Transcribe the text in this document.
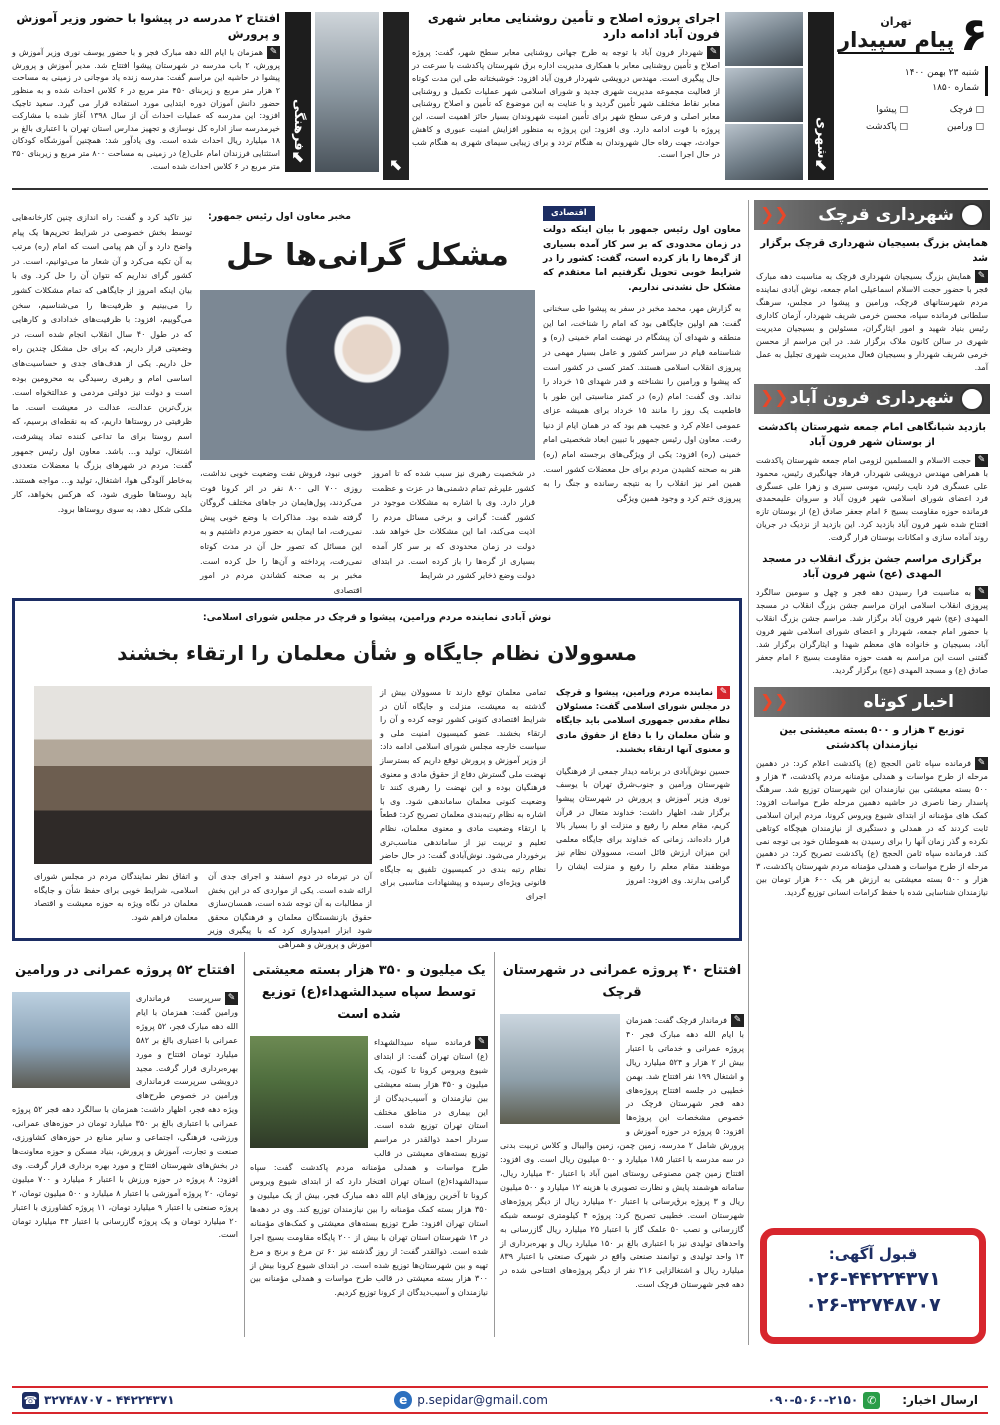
۶
تهران
پیام سپیدار
شنبه ۲۳ بهمن ۱۴۰۰
شماره ۱۸۵۰
□ فرچک
□ پیشوا
□ ورامین
□ پاکدشت
⬋
شهری
اجرای پروژه اصلاح و تأمین روشنایی معابر شهری فرون آباد ادامه دارد
✎شهردار فرون آباد با توجه به طرح جهانی روشنایی معابر سطح شهر، گفت: پروژه اصلاح و تأمین روشنایی معابر با همکاری مدیریت اداره برق شهرستان پاکدشت با سرعت در حال پیگیری است. مهندس درویشی شهردار فرون آباد افزود: خوشبختانه طی این مدت کوتاه از فعالیت مجموعه مدیریت شهری جدید و شورای اسلامی شهر عملیات تکمیل و روشنایی معابر نقاط مختلف شهر تأمین گردید و با عنایت به این موضوع که تأمین و اصلاح روشنایی معابر اصلی و فرعی سطح شهر برای تأمین امنیت شهروندان بسیار حائز اهمیت است، این پروژه با قوت ادامه دارد. وی افزود: این پروژه به منظور افزایش امنیت عبوری و کاهش حوادث، جهت رفاه حال شهروندان به هنگام تردد و برای زیبایی سیمای شهری به هنگام شب در حال اجرا است.
⬋
⬋
فرهنگی
افتتاح ۲ مدرسه در پیشوا با حضور وزیر آموزش و پرورش
✎همزمان با ایام الله دهه مبارک فجر و با حضور یوسف نوری وزیر آموزش و پرورش، ۲ باب مدرسه در شهرستان پیشوا افتتاح شد. مدیر آموزش و پرورش پیشوا در حاشیه این مراسم گفت: مدرسه زنده یاد موجانی در زمینی به مساحت ۲ هزار متر مربع و زیربنای ۴۵۰ متر مربع در ۶ کلاس احداث شده و به منظور حضور دانش آموزان دوره ابتدایی مورد استفاده قرار می گیرد. سعید تاجیک افزود: این مدرسه که عملیات احداث آن از سال ۱۳۹۸ آغاز شده با مشارکت خیرمدرسه ساز اداره کل نوسازی و تجهیز مدارس استان تهران با اعتباری بالغ بر ۱۸ میلیارد ریال احداث شده است. وی یادآور شد: همچنین آموزشگاه کودکان استثنایی فرزندان امام علی(ع) در زمینی به مساحت ۸۰۰ متر مربع و زیربنای ۳۵۰ متر مربع در ۶ کلاس احداث شده است.
شهرداری قرچک
❮❮
همایش بزرگ بسیجیان شهرداری قرچک برگزار شد
✎همایش بزرگ بسیجیان شهرداری قرچک به مناسبت دهه مبارک فجر با حضور حجت الاسلام اسماعیلی امام جمعه، نوش آبادی نماینده مردم شهرستانهای قرچک، ورامین و پیشوا در مجلس، سرهنگ سلطانی فرمانده سپاه، محسن خرمی شریف شهردار، آزمان کاداری رئیس بنیاد شهید و امور ایثارگران، مسئولین و بسیجیان مدیریت شهری در سالن کانون ملاک برگزار شد. در این مراسم از محسن خرمی شریف شهردار و بسیجیان فعال مدیریت شهری تجلیل به عمل آمد.
شهرداری فرون آباد
❮❮
بازدید شبانگاهی امام جمعه شهرستان پاکدشت از بوستان شهر فرون آباد
✎حجت الاسلام و المسلمین لزومی امام جمعه شهرستان پاکدشت با همراهی مهندس درویشی شهردار، فرهاد جهانگیری رئیس، محمود علی عسگری فرد نایب رئیس، موسی سیری و زهرا علی عسگری فرد اعضای شورای اسلامی شهر فرون آباد و سروان علیمحمدی فرمانده حوزه مقاومت بسیج ۶ امام جعفر صادق (ع) از بوستان تازه افتتاح شده شهر فرون آباد بازدید کرد. این بازدید از نزدیک در جریان روند آماده سازی و امکانات بوستان قرار گرفت.
برگزاری مراسم جشن بزرگ انقلاب در مسجد المهدی (عج) شهر فرون آباد
✎به مناسبت فرا رسیدن دهه فجر و چهل و سومین سالگرد پیروزی انقلاب اسلامی ایران مراسم جشن بزرگ انقلاب در مسجد المهدی (عج) شهر فرون آباد برگزار شد. مراسم جشن بزرگ انقلاب با حضور امام جمعه، شهردار و اعضای شورای اسلامی شهر فرون آباد، بسیجیان و خانواده های معظم شهدا و ایثارگران برگزار شد. گفتنی است این مراسم به همت حوزه مقاومت بسیج ۶ امام جعفر صادق (ع) و مسجد المهدی (عج) برگزار گردید.
اخبار کوتاه
❮❮
توزیع ۳ هزار و ۵۰۰ بسته معیشتی بین نیازمندان پاکدشتی
✎فرمانده سپاه ثامن الحجج (ع) پاکدشت اعلام کرد: در دهمین مرحله از طرح مواسات و همدلی مؤمنانه مردم پاکدشت، ۳ هزار و ۵۰۰ بسته معیشتی بین نیازمندان این شهرستان توزیع شد. سرهنگ پاسدار رضا ناصری در حاشیه دهمین مرحله طرح مواسات افزود: کمک های مؤمنانه از ابتدای شیوع ویروس کرونا، مردم ایران اسلامی ثابت کردند که در همدلی و دستگیری از نیازمندان هیچگاه کوتاهی نکرده و گذر زمان آنها را برای رسیدن به هموطنان خود بی توجه نمی کند. فرمانده سپاه ثامن الحجج (ع) پاکدشت تصریح کرد: در دهمین مرحله از طرح مواسات و همدلی مؤمنانه مردم شهرستان پاکدشت، ۳ هزار و ۵۰۰ بسته معیشتی به ارزش هر یک ۶۰۰ هزار تومان بین نیازمندان شناسایی شده با حفظ کرامات انسانی توزیع گردید.
قبول آگهی:
۰۲۶-۴۴۲۲۴۳۷۱
۰۲۶-۳۲۷۴۸۷۰۷
نیز تاکید کرد و گفت: راه اندازی چنین کارخانه‌هایی توسط بخش خصوصی در شرایط تحریم‌ها یک پیام واضح دارد و آن هم پیامی است که امام (ره) مرتب به آن تکیه می‌کرد و آن شعار ما می‌توانیم، است. در کشور گرای نداریم که نتوان آن را حل کرد. وی با بیان اینکه امروز از جایگاهی که تمام مشکلات کشور را می‌بینیم و ظرفیت‌ها را می‌شناسیم، سخن می‌گوییم، افزود: با ظرفیت‌های خدادادی و کارهایی که در طول ۴۰ سال انقلاب انجام شده است، در وضعیتی قرار داریم، که برای حل مشکل چندین راه حل داریم. یکی از هدف‌های جدی و حساسیت‌های اساسی امام و رهبری رسیدگی به محرومین بوده است و دولت نیز دولتی مردمی و عدالتخواه است. بزرگ‌ترین عدالت، عدالت در معیشت است. ما ظرفیتی در روستاها داریم، که به نقطه‌ای برسیم، که اسم روستا برای ما تداعی کننده تماد پیشرفت، اشتغال، تولید و... باشد. معاون اول رئیس جمهور گفت: مردم در شهرهای بزرگ با معضلات متعددی به‌خاطر آلودگی هوا، اشتغال، تولید و... مواجه هستند. باید روستاها طوری شود، که هرکس بخواهد، کار ملکی شکل دهد، به سوی روستاها برود.
مخبر معاون اول رئیس جمهور:
مشکل گرانی‌ها حل
خوبی نبود، فروش نفت وضعیت خوبی نداشت، روزی ۷۰۰ الی ۸۰۰ نفر در اثر کرونا فوت می‌کردند، پول‌هایمان در جاهای مختلف گروگان گرفته شده بود. مذاکرات با وضع خوبی پیش نمی‌رفت، اما ایمان به حضور مردم داشتیم و به این مسائل که تصور حل آن در مدت کوتاه نمی‌رفت، پرداخته و آن‌ها را حل کرده است. مخبر بر به صحنه کشاندن مردم در امور اقتصادی
در شخصیت رهبری نیز سبب شده که تا امروز کشور علیرغم تمام دشمنی‌ها در عزت و عظمت قرار دارد. وی با اشاره به مشکلات موجود در کشور گفت: گرانی و برخی مسائل مردم را اذیت می‌کند، اما این مشکلات حل خواهد شد. دولت در زمان محدودی که بر سر کار آمده بسیاری از گره‌ها را باز کرده است. در ابتدای دولت وضع ذخایر کشور در شرایط
اقتصادی
معاون اول رئیس جمهور با بیان اینکه دولت در زمان محدودی که بر سر کار آمده بسیاری از گره‌ها را باز کرده است، گفت: کشور را در شرایط خوبی تحویل نگرفتیم اما معتقدم که مشکل حل نشدنی نداریم.
به گزارش مهر، محمد مخبر در سفر به پیشوا طی سخنانی گفت: هم اولین جایگاهی بود که امام را شناخت، اما این منطقه و شهدای آن پیشگام در نهضت امام خمینی (ره) و شناسنامه قیام در سراسر کشور و عامل بسیار مهمی در پیروزی انقلاب اسلامی هستند. کمتر کسی در کشور است که پیشوا و ورامین را نشناخته و قدر شهدای ۱۵ خرداد را نداند. وی گفت: امام (ره) در کمتر مناسبتی این طور با قاطعیت یک روز را مانند ۱۵ خرداد برای همیشه عزای عمومی اعلام کرد و عجیب هم بود که در همان ایام از دنیا رفت. معاون اول رئیس جمهور با تبیین ابعاد شخصیتی امام خمینی (ره) افزود: یکی از ویژگی‌های برجسته امام (ره) هنر به صحنه کشیدن مردم برای حل معضلات کشور است. همین امر نیز انقلاب را به نتیجه رسانده و جنگ را به پیروزی ختم کرد و وجود همین ویژگی
نوش آبادی نماینده مردم ورامین، پیشوا و قرچک در مجلس شورای اسلامی:
مسوولان نظام جایگاه و شأن معلمان را ارتقاء بخشند
و اتفاق نظر نمایندگان مردم در مجلس شورای اسلامی، شرایط خوبی برای حفظ شأن و جایگاه معلمان در نگاه ویژه به حوزه معیشت و اقتصاد معلمان فراهم شود.
آن در تیرماه در دوم اسفند و اجرای جدی آن ارائه شده است. یکی از مواردی که در این بخش از مطالبات به آن توجه شده است، همسان‌سازی حقوق بازنشستگان معلمان و فرهنگیان محقق شود ابزار امیدواری کرد که با پیگیری وزیر آموزش و پرورش و همراهی
تمامی معلمان توقع دارند تا مسوولان بیش از گذشته به معیشت، منزلت و جایگاه آنان در شرایط اقتصادی کنونی کشور توجه کرده و آن را ارتقاء بخشند. عضو کمیسیون امنیت ملی و سیاست خارجه مجلس شورای اسلامی ادامه داد: از وزیر آموزش و پرورش توقع داریم که بسترساز نهضت ملی گسترش دفاع از حقوق مادی و معنوی فرهنگیان بوده و این نهضت را رهبری کنند تا وضعیت کنونی معلمان ساماندهی شود. وی با اشاره به نظام رتبه‌بندی معلمان تصریح کرد: قطعاً با ارتقاء وضعیت مادی و معنوی معلمان، نظام تعلیم و تربیت نیز از ساماندهی مناسب‌تری برخوردار می‌شود. نوش‌آبادی گفت: در حال حاضر نظام رتبه بندی در کمیسیون تلفیق به جایگاه قانونی ویژه‌ای رسیده و پیشنهادات مناسبی برای اجرای
✎نماینده مردم ورامین، پیشوا و قرچک در مجلس شورای اسلامی گفت: مسئولان نظام مقدس جمهوری اسلامی باید جایگاه و شأن معلمان را با دفاع از حقوق مادی و معنوی آنها ارتقاء بخشند.
حسین نوش‌آبادی در برنامه دیدار جمعی از فرهنگیان شهرستان ورامین و جنوب‌شرق تهران با یوسف نوری وزیر آموزش و پرورش در شهرستان پیشوا برگزار شد، اظهار داشت: خداوند متعال در قرآن کریم، مقام معلم را رفیع و منزلت او را بسیار بالا قرار داده‌اند، زمانی که خداوند برای جایگاه معلمی این میزان ارزش قائل است، مسوولان نظام نیز موظفند مقام معلم را رفیع و منزلت ایشان را گرامی بدارند. وی افزود: امروز
افتتاح ۴۰ پروژه عمرانی در شهرستان قرچک
✎فرماندار قرچک گفت: همزمان با ایام الله دهه مبارک فجر ۴۰ پروژه عمرانی و خدماتی با اعتبار بیش از ۲ هزار و ۵۲۴ میلیارد ریال و اشتغال ۱۹۹ نفر افتتاح شد. بهمن خطیبی در جلسه افتتاح پروژه‌های دهه فجر شهرستان قرچک در خصوص مشخصات این پروژه‌ها افزود: ۵ پروژه در حوزه آموزش و پرورش شامل ۲ مدرسه، زمین چمن، زمین والیبال و کلاس تربیت بدنی در سه مدرسه با اعتبار ۱۸۵ میلیارد و ۵۰۰ میلیون ریال است. وی افزود: افتتاح زمین چمن مصنوعی روستای امین آباد با اعتبار ۳۰ میلیارد ریال، سامانه هوشمند پایش و نظارت تصویری با هزینه ۱۲ میلیارد و ۵۰۰ میلیون ریال و ۳ پروژه برق‌رسانی با اعتبار ۲۰ میلیارد ریال از دیگر پروژه‌های شهرستان است. خطیبی تصریح کرد: پروژه ۴ کیلومتری توسعه شبکه گازرسانی و نصب ۵۰ علمک گاز با اعتبار ۲۵ میلیارد ریال گازرسانی به واحدهای تولیدی نیز با اعتباری بالغ بر ۱۵۰ میلیارد ریال و بهره‌برداری از ۱۴ واحد تولیدی و توانمند صنعتی واقع در شهرک صنعتی با اعتبار ۸۳۹ میلیارد ریال و اشتغالزایی ۲۱۶ نفر از دیگر پروژه‌های افتتاحی شده در دهه فجر شهرستان قرچک است.
یک میلیون و ۳۵۰ هزار بسته معیشتی توسط سپاه سیدالشهداء(ع) توزیع شده است
✎فرمانده سپاه سیدالشهداء (ع) استان تهران گفت: از ابتدای شیوع ویروس کرونا تا کنون، یک میلیون و ۳۵۰ هزار بسته معیشتی بین نیازمندان و آسیب‌دیدگان از این بیماری در مناطق مختلف استان تهران توزیع شده است. سردار احمد ذوالقدر در مراسم توزیع بسته‌های معیشتی در قالب طرح مواسات و همدلی مؤمنانه مردم پاکدشت گفت: سپاه سیدالشهداء(ع) استان تهران افتخار دارد که از ابتدای شیوع ویروس کرونا تا آخرین روزهای ایام الله دهه مبارک فجر، بیش از یک میلیون و ۳۵۰ هزار بسته کمک مؤمنانه را بین نیازمندان توزیع کند. وی در دهه‌ها استان تهران افزود: طرح توزیع بسته‌های معیشتی و کمک‌های مؤمنانه در ۱۴ شهرستان استان تهران با بیش از ۲۰۰ پایگاه مقاومت بسیج اجرا شده است. ذوالقدر گفت: از روز گذشته نیز ۶۰ تن مرغ و برنج و مرغ تهیه و بین شهرستان‌ها توزیع شده است. در ابتدای شیوع کرونا بیش از ۳۰۰ هزار بسته معیشتی در قالب طرح مواسات و همدلی مؤمنانه بین نیازمندان و آسیب‌دیدگان از کرونا توزیع کردیم.
افتتاح ۵۲ پروژه عمرانی در ورامین
✎سرپرست فرمانداری ورامین گفت: همزمان با ایام الله دهه مبارک فجر، ۵۲ پروژه عمرانی با اعتباری بالغ بر ۵۸۲ میلیارد تومان افتتاح و مورد بهره‌برداری قرار گرفت. مجید درویشی سرپرست فرمانداری ورامین در خصوص طرح‌های ویژه دهه فجر، اظهار داشت: همزمان با سالگرد دهه فجر ۵۲ پروژه عمرانی با اعتباری بالغ بر ۳۵۰ میلیارد تومان در حوزه‌های عمرانی، ورزشی، فرهنگی، اجتماعی و سایر منابع در حوزه‌های کشاورزی، صنعت و تجارت، آموزش و پرورش، بنیاد مسکن و حوزه معاونت‌ها در بخش‌های شهرستان افتتاح و مورد بهره برداری قرار گرفت. وی افزود: ۸ پروژه در حوزه ورزش با اعتبار ۶ میلیارد و ۷۰۰ میلیون تومان، ۲۰ پروژه آموزشی با اعتبار ۸ میلیارد و ۵۰۰ میلیون تومان، ۲ پروژه صنعتی با اعتبار ۹ میلیارد تومان، ۱۱ پروژه کشاورزی با اعتبار ۲۰ میلیارد تومان و یک پروژه گازرسانی با اعتبار ۴۴ میلیارد تومان است.
ارسال اخبار:
✆
۰۹۰-۵۰۶۰-۲۱۵۰
p.sepidar@gmail.com
e
۳۲۷۴۸۷۰۷ - ۴۴۲۲۴۳۷۱
☎
